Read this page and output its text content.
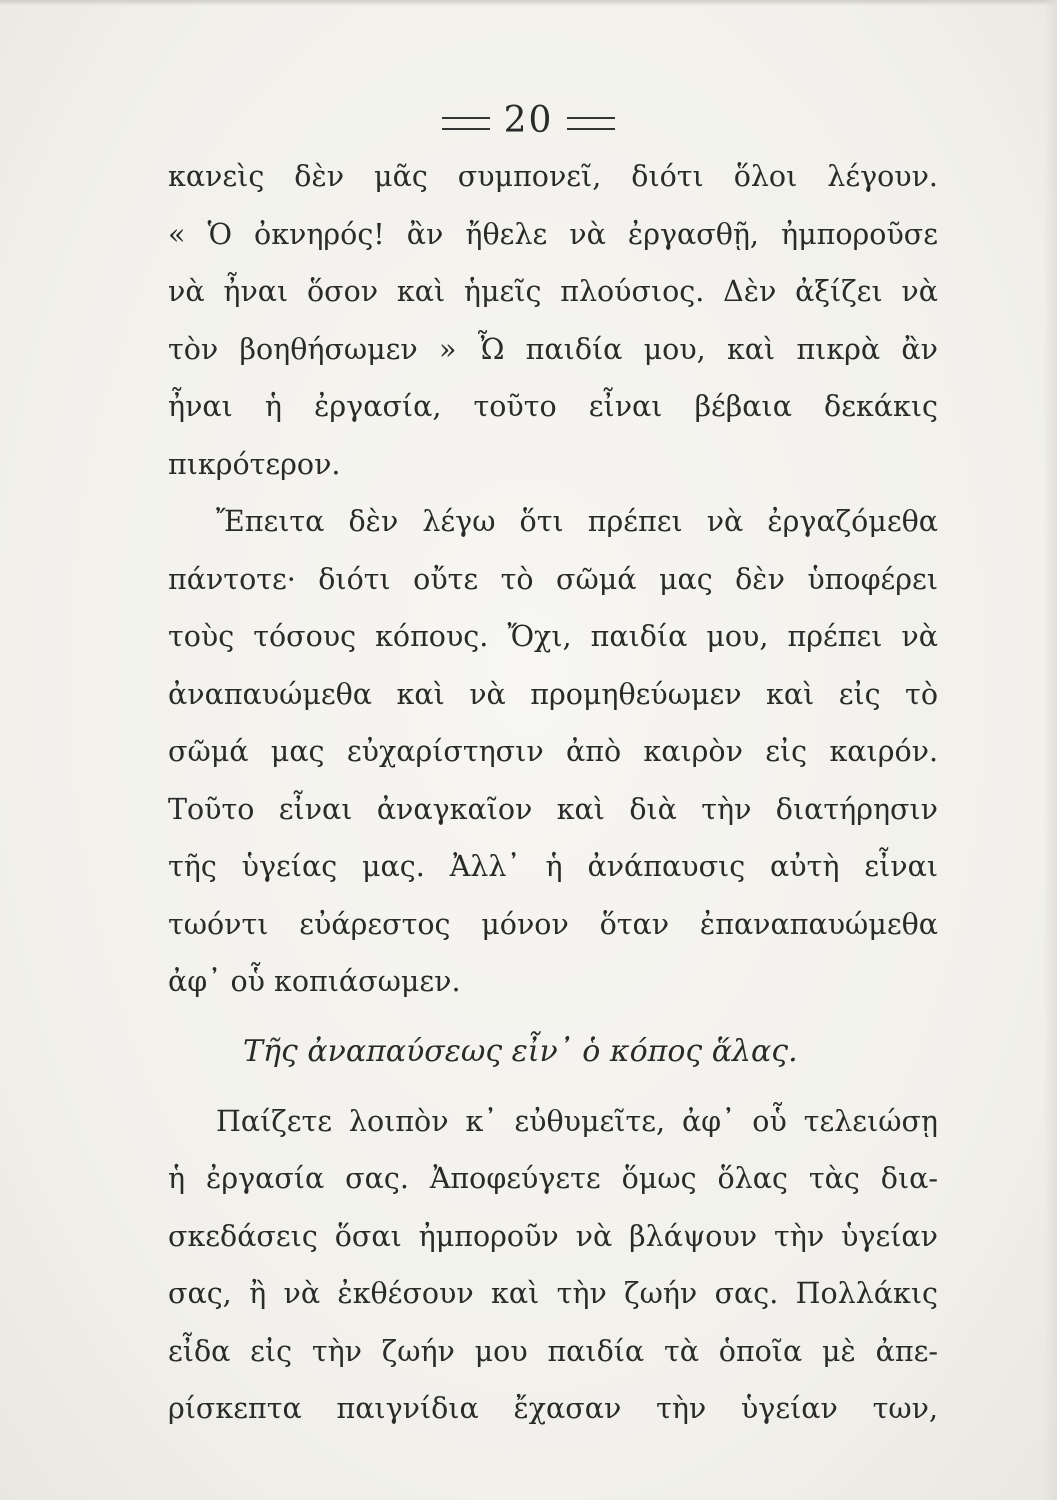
20
κανεὶς δὲν μᾶς συμπονεῖ, διότι ὅλοι λέγουν.
« Ὁ ὀκνηρός! ἂν ἤθελε νὰ ἐργασθῇ, ἠμποροῦσε
νὰ ἦναι ὅσον καὶ ἡμεῖς πλούσιος. Δὲν ἀξίζει νὰ
τὸν βοηθήσωμεν » Ὦ παιδία μου, καὶ πικρὰ ἂν
ἦναι ἡ ἐργασία, τοῦτο εἶναι βέβαια δεκάκις
πικρότερον.
Ἔπειτα δὲν λέγω ὅτι πρέπει νὰ ἐργαζόμεθα
πάντοτε· διότι οὔτε τὸ σῶμά μας δὲν ὑποφέρει
τοὺς τόσους κόπους. Ὄχι, παιδία μου, πρέπει νὰ
ἀναπαυώμεθα καὶ νὰ προμηθεύωμεν καὶ εἰς τὸ
σῶμά μας εὐχαρίστησιν ἀπὸ καιρὸν εἰς καιρόν.
Τοῦτο εἶναι ἀναγκαῖον καὶ διὰ τὴν διατήρησιν
τῆς ὑγείας μας. Ἀλλ᾽ ἡ ἀνάπαυσις αὐτὴ εἶναι
τωόντι εὐάρεστος μόνον ὅταν ἐπαναπαυώμεθα
ἀφ᾽ οὗ κοπιάσωμεν.
Τῆς ἀναπαύσεως εἶν᾽ ὁ κόπος ἅλας.
Παίζετε λοιπὸν κ᾽ εὐθυμεῖτε, ἀφ᾽ οὗ τελειώσῃ
ἡ ἐργασία σας. Ἀποφεύγετε ὅμως ὅλας τὰς δια-
σκεδάσεις ὅσαι ἠμποροῦν νὰ βλάψουν τὴν ὑγείαν
σας, ἢ νὰ ἐκθέσουν καὶ τὴν ζωήν σας. Πολλάκις
εἶδα εἰς τὴν ζωήν μου παιδία τὰ ὁποῖα μὲ ἀπε-
ρίσκεπτα παιγνίδια ἔχασαν τὴν ὑγείαν των,
